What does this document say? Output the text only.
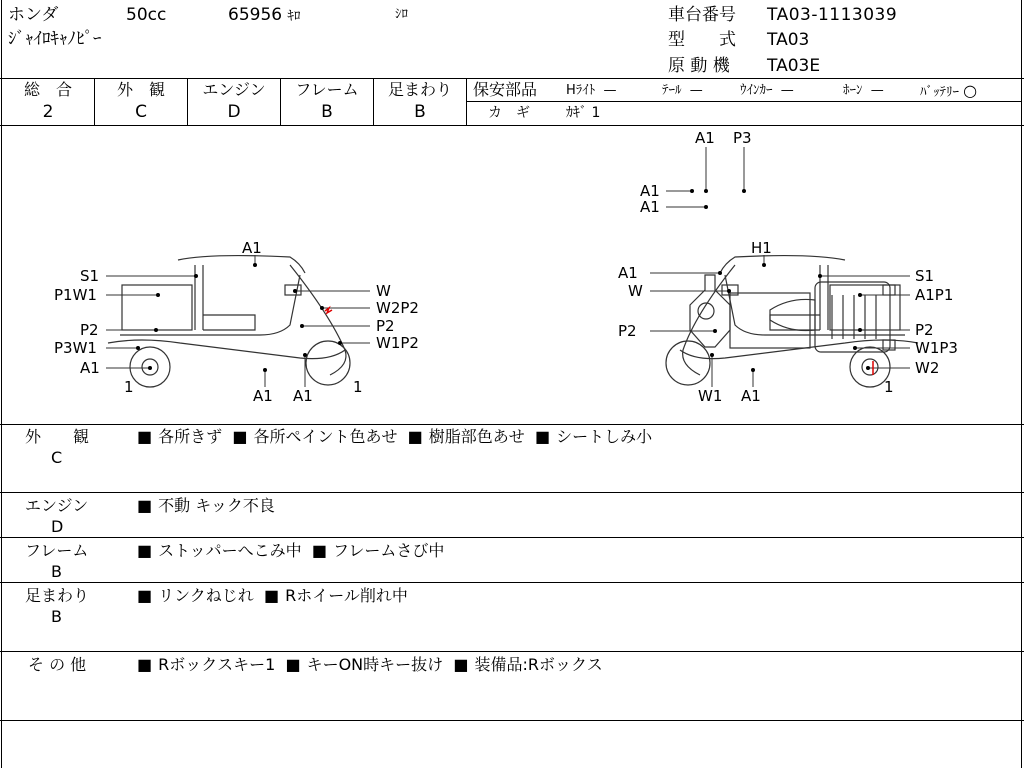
ホンダ	50cc	65956 ｷﾛ	ｼﾛ
ｼﾞｬｲﾛｷｬﾉﾋﾟｰ
車台番号 TA03-1113039
型　　式 TA03
原 動 機 TA03E
総　合	外　観	エンジン	フレーム	足まわり
2	C	D	B	B
保安部品 Hﾗｲﾄ —	ﾃｰﾙ —	ｳｲﾝｶｰ —	ﾎｰﾝ —	ﾊﾞｯﾃﾘｰ ○
カ　ギ	ｶｷﾞ 1
A1 P3
A1
A1
A1
S1
P1W1
P2
P3W1
A1
1	A1 A1	1
W
W2P2
P2
W1P2
H1
A1
W
P2
W1 A1	1
S1
A1P1
P2
W1P3
W2
外　　観
C
■ 各所きず ■ 各所ペイント色あせ ■ 樹脂部色あせ ■ シートしみ小
エンジン
D
■ 不動 キック不良
フレーム
B
■ ストッパーへこみ中 ■ フレームさび中
足まわり
B
■ リンクねじれ ■ Rホイール削れ中
そ の 他	■ Rボックスキー1 ■ キーON時キー抜け ■ 装備品:Rボックス
